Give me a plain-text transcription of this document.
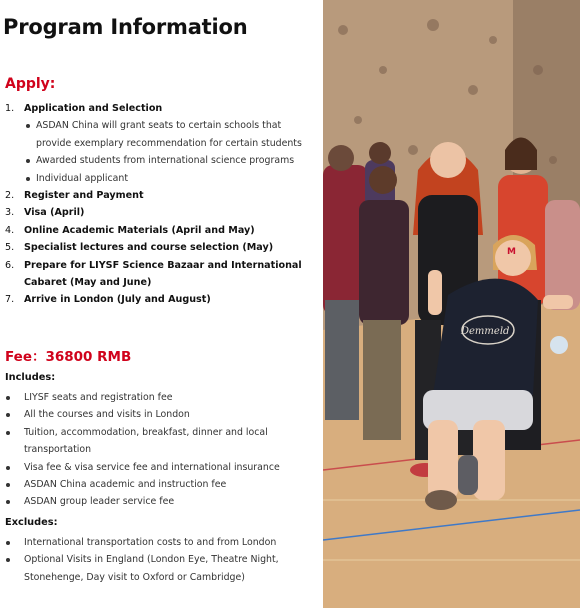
Program Information
Apply:
1. Application and Selection
ASDAN China will grant seats to certain schools that provide exemplary recommendation for certain students
Awarded students from international science programs
Individual applicant
2. Register and Payment
3. Visa (April)
4. Online Academic Materials (April and May)
5. Specialist lectures and course selection (May)
6. Prepare for LIYSF Science Bazaar and International Cabaret (May and June)
7. Arrive in London (July and August)
Fee：36800 RMB
Includes:
LIYSF seats and registration fee
All the courses and visits in London
Tuition, accommodation, breakfast, dinner and local transportation
Visa fee & visa service fee and international insurance
ASDAN China academic and instruction fee
ASDAN group leader service fee
Excludes:
International transportation costs to and from London
Optional Visits in England (London Eye, Theatre Night, Stonehenge, Day visit to Oxford or Cambridge)
Demmeld
M
